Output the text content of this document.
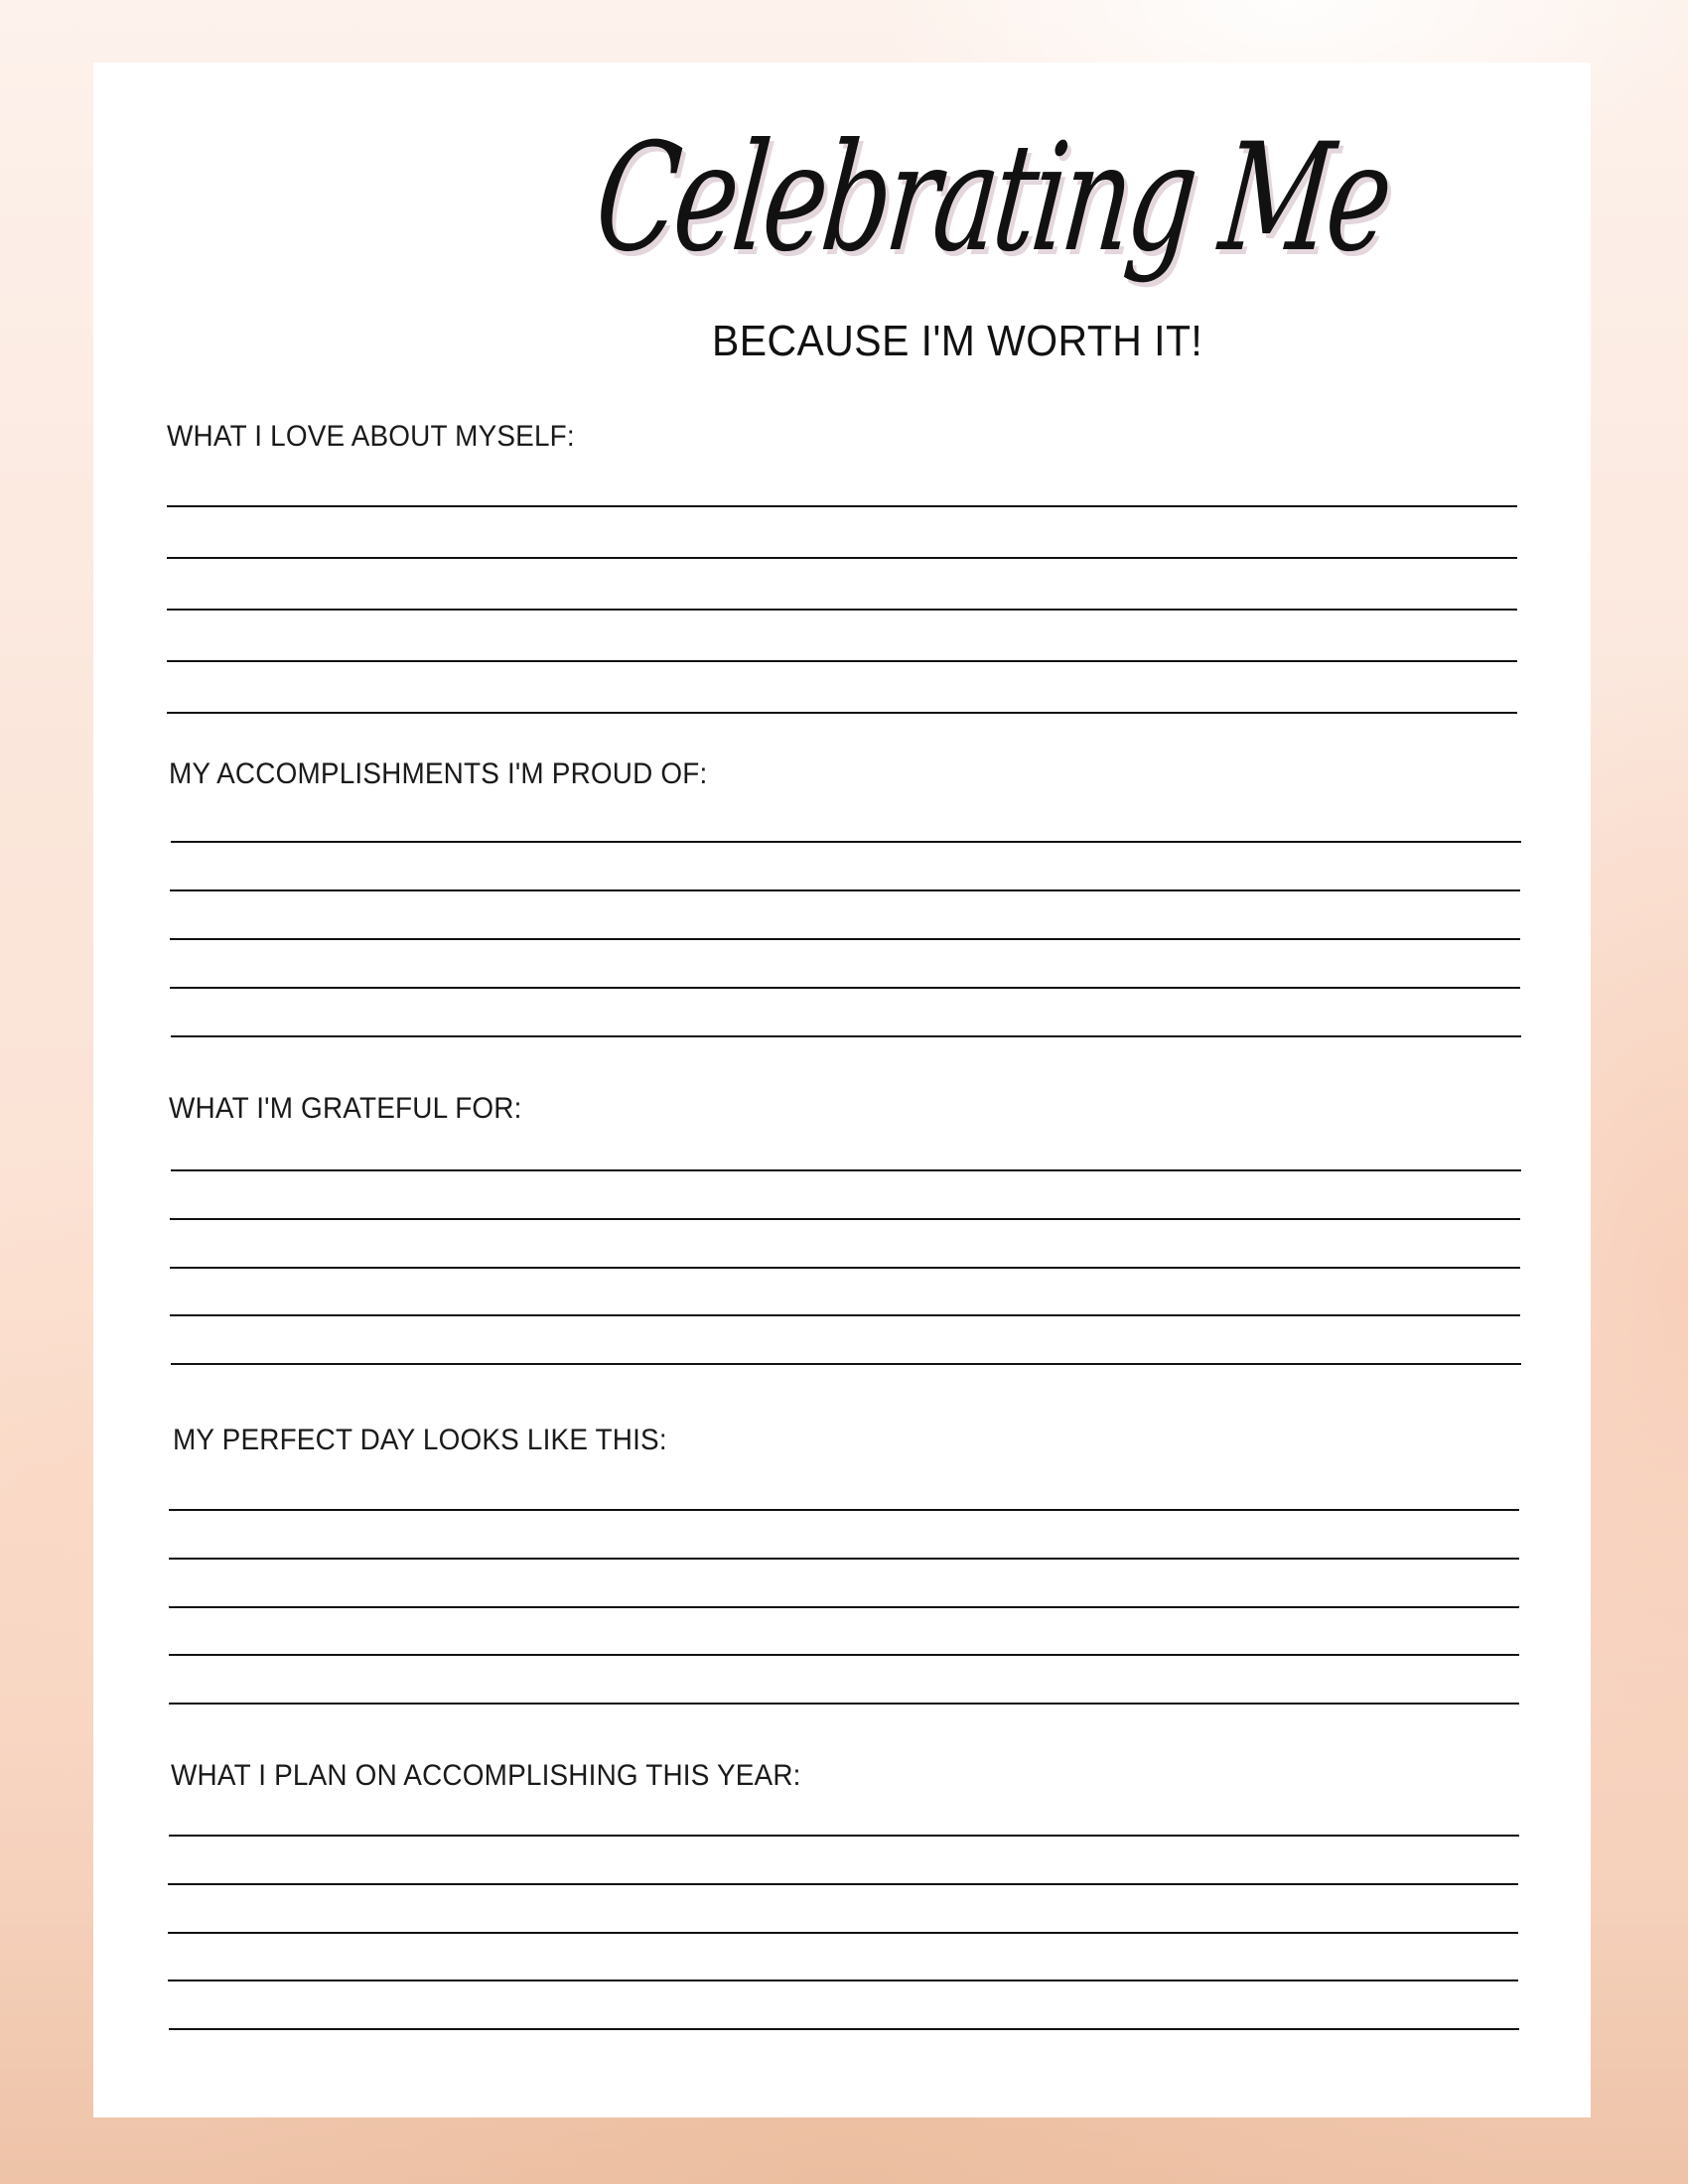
Celebrating Me
BECAUSE I'M WORTH IT!
WHAT I LOVE ABOUT MYSELF:
MY ACCOMPLISHMENTS I'M PROUD OF:
WHAT I'M GRATEFUL FOR:
MY PERFECT DAY LOOKS LIKE THIS:
WHAT I PLAN ON ACCOMPLISHING THIS YEAR:
